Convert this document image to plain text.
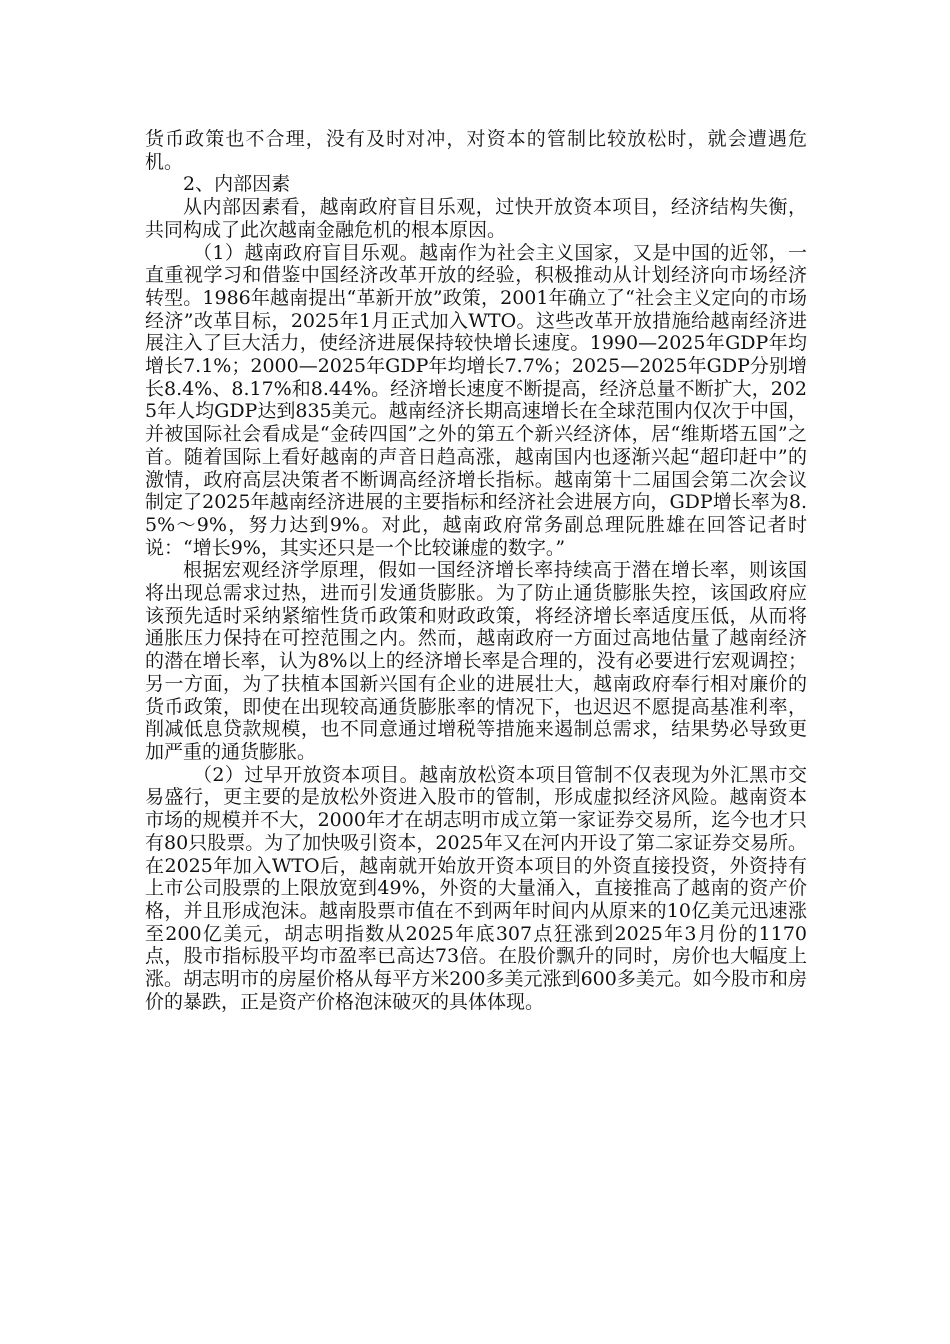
货币政策也不合理，没有及时对冲，对资本的管制比较放松时，就会遭遇危机。

2、内部因素

从内部因素看，越南政府盲目乐观，过快开放资本项目，经济结构失衡，共同构成了此次越南金融危机的根本原因。

（1）越南政府盲目乐观。越南作为社会主义国家，又是中国的近邻，一直重视学习和借鉴中国经济改革开放的经验，积极推动从计划经济向市场经济转型。1986年越南提出“革新开放”政策，2001年确立了“社会主义定向的市场经济”改革目标，2025年1月正式加入WTO。这些改革开放措施给越南经济进展注入了巨大活力，使经济进展保持较快增长速度。1990—2025年GDP年均增长7.1%；2000—2025年GDP年均增长7.7%；2025—2025年GDP分别增长8.4%、8.17%和8.44%。经济增长速度不断提高，经济总量不断扩大，2025年人均GDP达到835美元。越南经济长期高速增长在全球范围内仅次于中国，并被国际社会看成是“金砖四国”之外的第五个新兴经济体，居“维斯塔五国”之首。随着国际上看好越南的声音日趋高涨，越南国内也逐渐兴起“超印赶中”的激情，政府高层决策者不断调高经济增长指标。越南第十二届国会第二次会议制定了2025年越南经济进展的主要指标和经济社会进展方向，GDP增长率为8.5%～9%，努力达到9%。对此，越南政府常务副总理阮胜雄在回答记者时说：“增长9%，其实还只是一个比较谦虚的数字。”

根据宏观经济学原理，假如一国经济增长率持续高于潜在增长率，则该国将出现总需求过热，进而引发通货膨胀。为了防止通货膨胀失控，该国政府应该预先适时采纳紧缩性货币政策和财政政策，将经济增长率适度压低，从而将通胀压力保持在可控范围之内。然而，越南政府一方面过高地估量了越南经济的潜在增长率，认为8%以上的经济增长率是合理的，没有必要进行宏观调控；另一方面，为了扶植本国新兴国有企业的进展壮大，越南政府奉行相对廉价的货币政策，即使在出现较高通货膨胀率的情况下，也迟迟不愿提高基准利率，削减低息贷款规模，也不同意通过增税等措施来遏制总需求，结果势必导致更加严重的通货膨胀。

（2）过早开放资本项目。越南放松资本项目管制不仅表现为外汇黑市交易盛行，更主要的是放松外资进入股市的管制，形成虚拟经济风险。越南资本市场的规模并不大，2000年才在胡志明市成立第一家证券交易所，迄今也才只有80只股票。为了加快吸引资本，2025年又在河内开设了第二家证券交易所。在2025年加入WTO后，越南就开始放开资本项目的外资直接投资，外资持有上市公司股票的上限放宽到49%，外资的大量涌入，直接推高了越南的资产价格，并且形成泡沫。越南股票市值在不到两年时间内从原来的10亿美元迅速涨至200亿美元，胡志明指数从2025年底307点狂涨到2025年3月份的1170点，股市指标股平均市盈率已高达73倍。在股价飘升的同时，房价也大幅度上涨。胡志明市的房屋价格从每平方米200多美元涨到600多美元。如今股市和房价的暴跌，正是资产价格泡沫破灭的具体体现。
